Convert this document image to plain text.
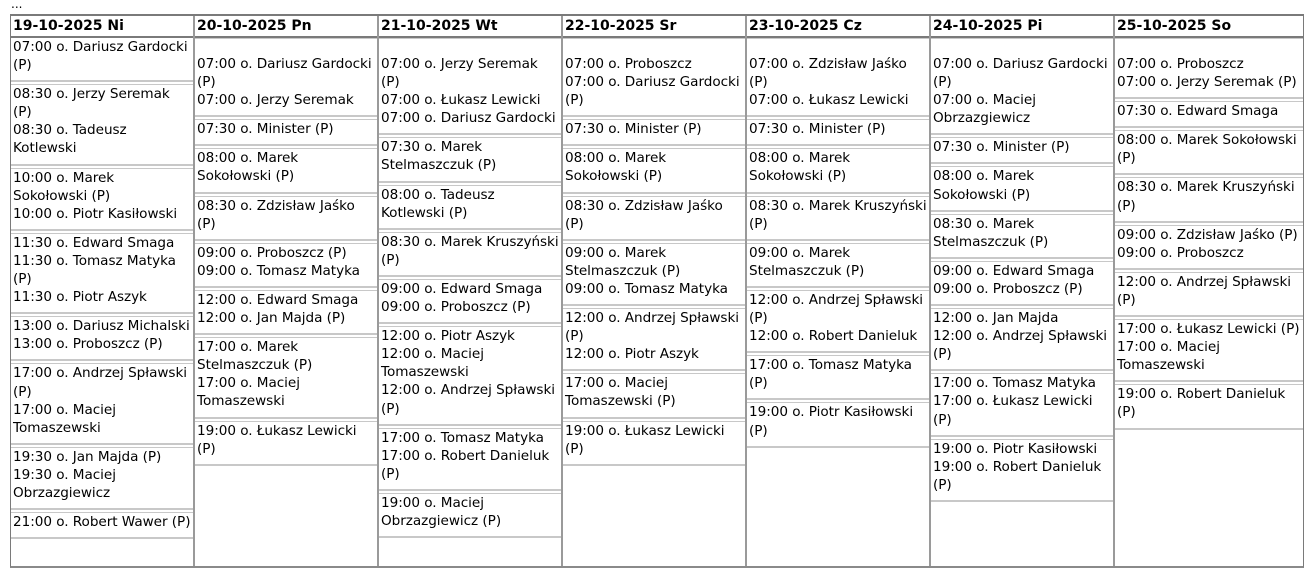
...
19-10-2025 Ni
07:00 o. Dariusz Gardocki (P)
08:30 o. Jerzy Seremak (P)
08:30 o. Tadeusz Kotlewski
10:00 o. Marek Sokołowski (P)
10:00 o. Piotr Kasiłowski
11:30 o. Edward Smaga
11:30 o. Tomasz Matyka (P)
11:30 o. Piotr Aszyk
13:00 o. Dariusz Michalski
13:00 o. Proboszcz (P)
17:00 o. Andrzej Spławski (P)
17:00 o. Maciej Tomaszewski
19:30 o. Jan Majda (P)
19:30 o. Maciej Obrzazgiewicz
21:00 o. Robert Wawer (P)
20-10-2025 Pn
07:00 o. Dariusz Gardocki (P)
07:00 o. Jerzy Seremak
07:30 o. Minister (P)
08:00 o. Marek Sokołowski (P)
08:30 o. Zdzisław Jaśko (P)
09:00 o. Proboszcz (P)
09:00 o. Tomasz Matyka
12:00 o. Edward Smaga
12:00 o. Jan Majda (P)
17:00 o. Marek Stelmaszczuk (P)
17:00 o. Maciej Tomaszewski
19:00 o. Łukasz Lewicki (P)
21-10-2025 Wt
07:00 o. Jerzy Seremak (P)
07:00 o. Łukasz Lewicki
07:00 o. Dariusz Gardocki
07:30 o. Marek Stelmaszczuk (P)
08:00 o. Tadeusz Kotlewski (P)
08:30 o. Marek Kruszyński (P)
09:00 o. Edward Smaga
09:00 o. Proboszcz (P)
12:00 o. Piotr Aszyk
12:00 o. Maciej Tomaszewski
12:00 o. Andrzej Spławski (P)
17:00 o. Tomasz Matyka
17:00 o. Robert Danieluk (P)
19:00 o. Maciej Obrzazgiewicz (P)
22-10-2025 Sr
07:00 o. Proboszcz
07:00 o. Dariusz Gardocki (P)
07:30 o. Minister (P)
08:00 o. Marek Sokołowski (P)
08:30 o. Zdzisław Jaśko (P)
09:00 o. Marek Stelmaszczuk (P)
09:00 o. Tomasz Matyka
12:00 o. Andrzej Spławski (P)
12:00 o. Piotr Aszyk
17:00 o. Maciej Tomaszewski (P)
19:00 o. Łukasz Lewicki (P)
23-10-2025 Cz
07:00 o. Zdzisław Jaśko (P)
07:00 o. Łukasz Lewicki
07:30 o. Minister (P)
08:00 o. Marek Sokołowski (P)
08:30 o. Marek Kruszyński (P)
09:00 o. Marek Stelmaszczuk (P)
12:00 o. Andrzej Spławski (P)
12:00 o. Robert Danieluk
17:00 o. Tomasz Matyka (P)
19:00 o. Piotr Kasiłowski (P)
24-10-2025 Pi
07:00 o. Dariusz Gardocki (P)
07:00 o. Maciej Obrzazgiewicz
07:30 o. Minister (P)
08:00 o. Marek Sokołowski (P)
08:30 o. Marek Stelmaszczuk (P)
09:00 o. Edward Smaga
09:00 o. Proboszcz (P)
12:00 o. Jan Majda
12:00 o. Andrzej Spławski (P)
17:00 o. Tomasz Matyka
17:00 o. Łukasz Lewicki (P)
19:00 o. Piotr Kasiłowski
19:00 o. Robert Danieluk (P)
25-10-2025 So
07:00 o. Proboszcz
07:00 o. Jerzy Seremak (P)
07:30 o. Edward Smaga
08:00 o. Marek Sokołowski (P)
08:30 o. Marek Kruszyński (P)
09:00 o. Zdzisław Jaśko (P)
09:00 o. Proboszcz
12:00 o. Andrzej Spławski (P)
17:00 o. Łukasz Lewicki (P)
17:00 o. Maciej Tomaszewski
19:00 o. Robert Danieluk (P)
